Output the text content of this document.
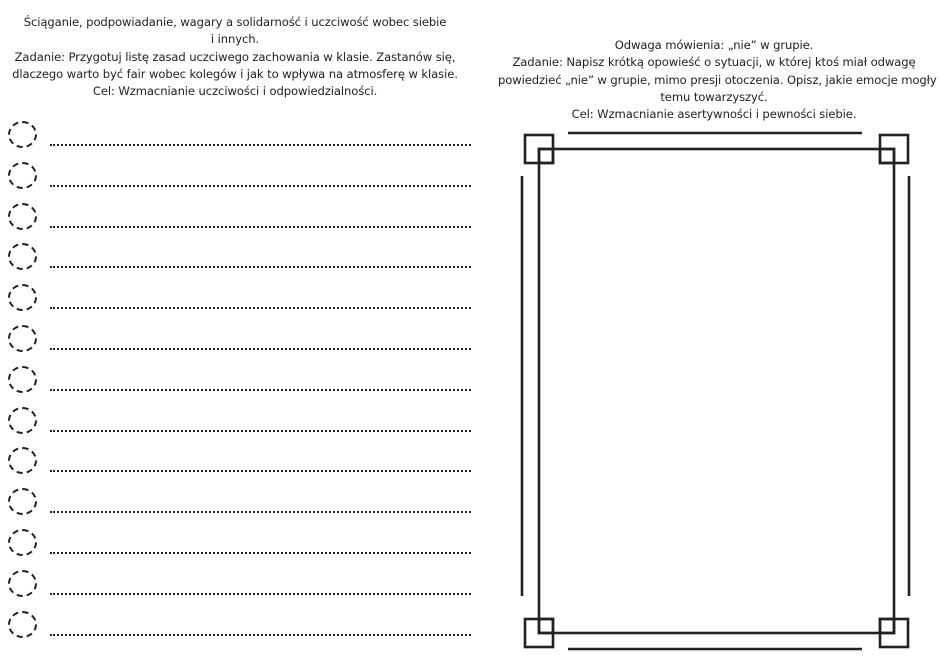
Ściąganie, podpowiadanie, wagary a solidarność i uczciwość wobec siebie
i innych.
Zadanie: Przygotuj listę zasad uczciwego zachowania w klasie. Zastanów się,
dlaczego warto być fair wobec kolegów i jak to wpływa na atmosferę w klasie.
Cel: Wzmacnianie uczciwości i odpowiedzialności.
Odwaga mówienia: „nie” w grupie.
Zadanie: Napisz krótką opowieść o sytuacji, w której ktoś miał odwagę
powiedzieć „nie” w grupie, mimo presji otoczenia. Opisz, jakie emocje mogły
temu towarzyszyć.
Cel: Wzmacnianie asertywności i pewności siebie.
